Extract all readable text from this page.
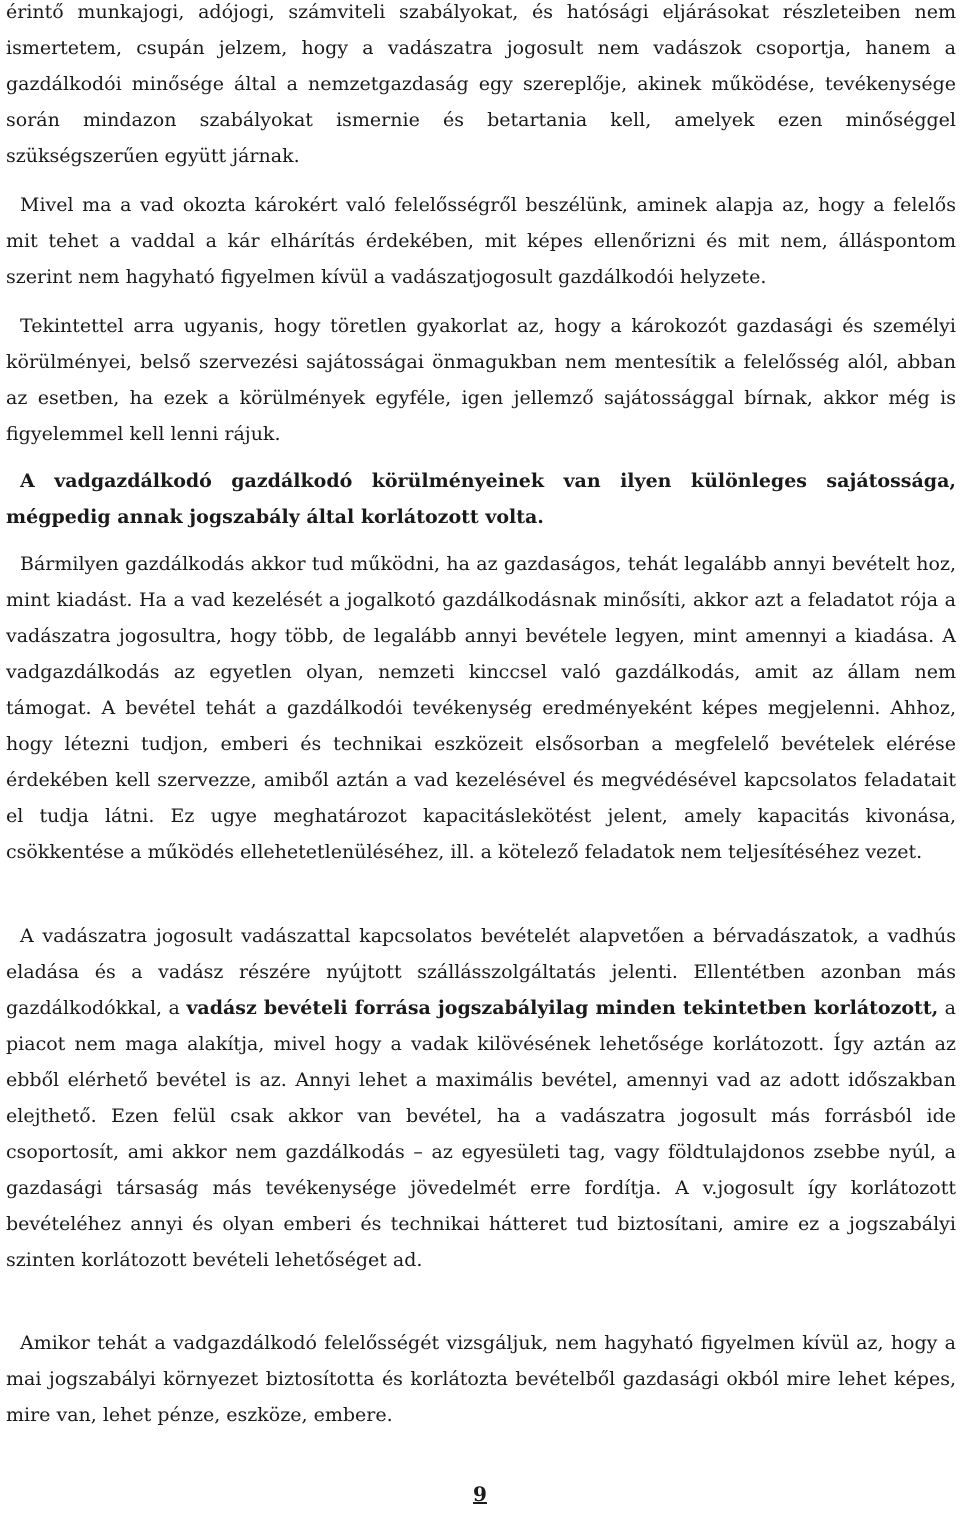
érintő munkajogi, adójogi, számviteli szabályokat, és hatósági eljárásokat részleteiben nem ismertetem, csupán jelzem, hogy a vadászatra jogosult nem vadászok csoportja, hanem a gazdálkodói minősége által a nemzetgazdaság egy szereplője, akinek működése, tevékenysége során mindazon szabályokat ismernie és betartania kell, amelyek ezen minőséggel szükségszerűen együtt járnak.

Mivel ma a vad okozta károkért való felelősségről beszélünk, aminek alapja az, hogy a felelős mit tehet a vaddal a kár elhárítás érdekében, mit képes ellenőrizni és mit nem, álláspontom szerint nem hagyható figyelmen kívül a vadászatjogosult gazdálkodói helyzete.

Tekintettel arra ugyanis, hogy töretlen gyakorlat az, hogy a károkozót gazdasági és személyi körülményei, belső szervezési sajátosságai önmagukban nem mentesítik a felelősség alól, abban az esetben, ha ezek a körülmények egyféle, igen jellemző sajátossággal bírnak, akkor még is figyelemmel kell lenni rájuk.

A vadgazdálkodó gazdálkodó körülményeinek van ilyen különleges sajátossága, mégpedig annak jogszabály által korlátozott volta.

Bármilyen gazdálkodás akkor tud működni, ha az gazdaságos, tehát legalább annyi bevételt hoz, mint kiadást. Ha a vad kezelését a jogalkotó gazdálkodásnak minősíti, akkor azt a feladatot rója a vadászatra jogosultra, hogy több, de legalább annyi bevétele legyen, mint amennyi a kiadása. A vadgazdálkodás az egyetlen olyan, nemzeti kinccsel való gazdálkodás, amit az állam nem támogat. A bevétel tehát a gazdálkodói tevékenység eredményeként képes megjelenni. Ahhoz, hogy létezni tudjon, emberi és technikai eszközeit elsősorban a megfelelő bevételek elérése érdekében kell szervezze, amiből aztán a vad kezelésével és megvédésével kapcsolatos feladatait el tudja látni. Ez ugye meghatározot kapacitáslekötést jelent, amely kapacitás kivonása, csökkentése a működés ellehetetlenüléséhez, ill. a kötelező feladatok nem teljesítéséhez vezet.

A vadászatra jogosult vadászattal kapcsolatos bevételét alapvetően a bérvadászatok, a vadhús eladása és a vadász részére nyújtott szállásszolgáltatás jelenti. Ellentétben azonban más gazdálkodókkal, a vadász bevételi forrása jogszabályilag minden tekintetben korlátozott, a piacot nem maga alakítja, mivel hogy a vadak kilövésének lehetősége korlátozott. Így aztán az ebből elérhető bevétel is az. Annyi lehet a maximális bevétel, amennyi vad az adott időszakban elejthető. Ezen felül csak akkor van bevétel, ha a vadászatra jogosult más forrásból ide csoportosít, ami akkor nem gazdálkodás – az egyesületi tag, vagy földtulajdonos zsebbe nyúl, a gazdasági társaság más tevékenysége jövedelmét erre fordítja. A v.jogosult így korlátozott bevételéhez annyi és olyan emberi és technikai hátteret tud biztosítani, amire ez a jogszabályi szinten korlátozott bevételi lehetőséget ad.

Amikor tehát a vadgazdálkodó felelősségét vizsgáljuk, nem hagyható figyelmen kívül az, hogy a mai jogszabályi környezet biztosította és korlátozta bevételből gazdasági okból mire lehet képes, mire van, lehet pénze, eszköze, embere.

9
